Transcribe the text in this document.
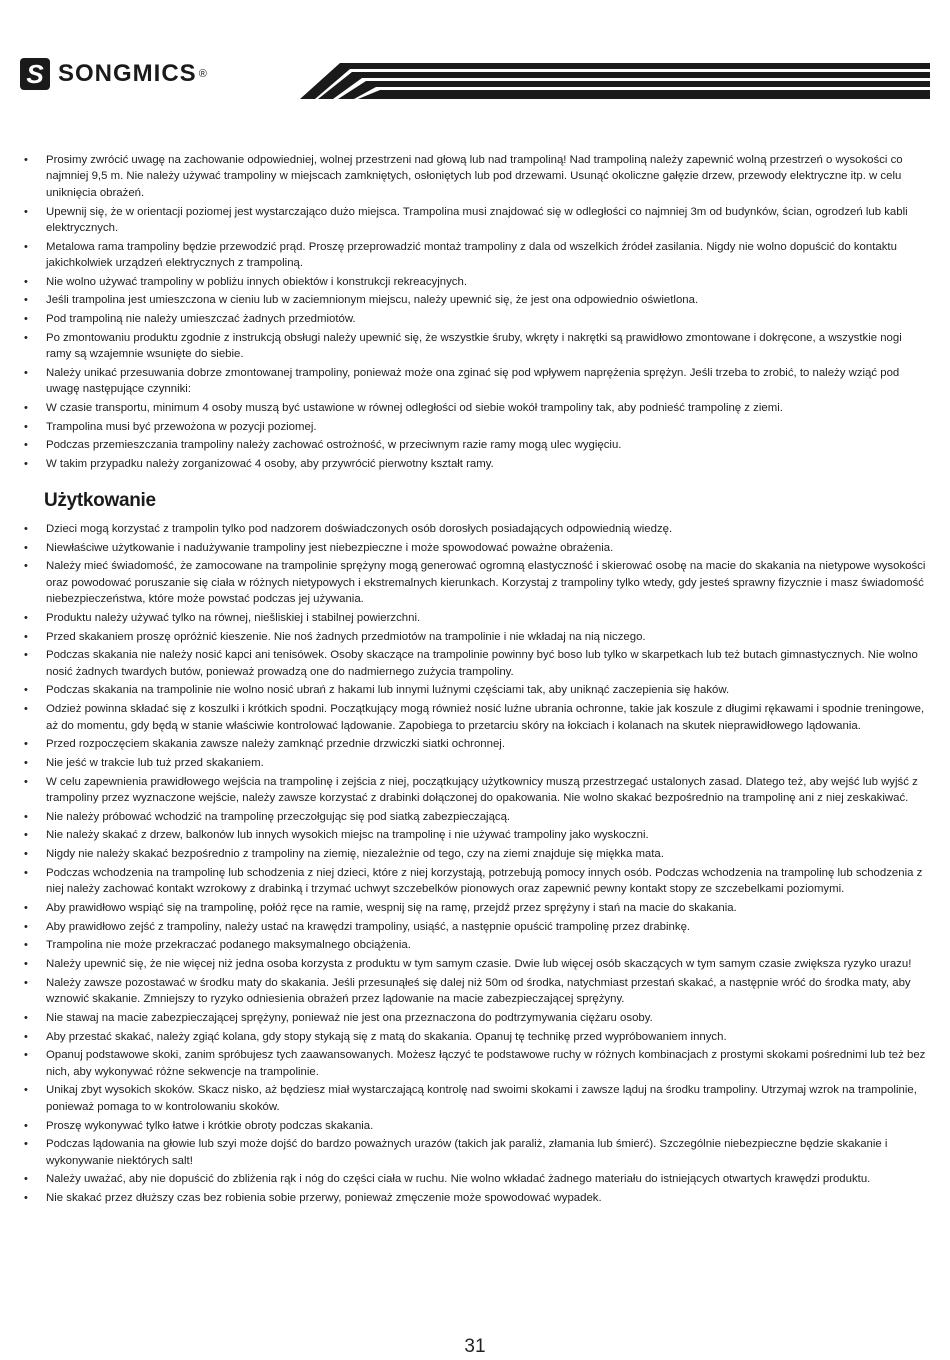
S SONGMICS ®
• Prosimy zwrócić uwagę na zachowanie odpowiedniej, wolnej przestrzeni nad głową lub nad trampoliną! Nad trampoliną należy zapewnić wolną przestrzeń o wysokości co najmniej 9,5 m. Nie należy używać trampoliny w miejscach zamkniętych, osłoniętych lub pod drzewami. Usunąć okoliczne gałęzie drzew, przewody elektryczne itp. w celu uniknięcia obrażeń.
• Upewnij się, że w orientacji poziomej jest wystarczająco dużo miejsca. Trampolina musi znajdować się w odległości co najmniej 3m od budynków, ścian, ogrodzeń lub kabli elektrycznych.
• Metalowa rama trampoliny będzie przewodzić prąd. Proszę przeprowadzić montaż trampoliny z dala od wszelkich źródeł zasilania. Nigdy nie wolno dopuścić do kontaktu jakichkolwiek urządzeń elektrycznych z trampoliną.
• Nie wolno używać trampoliny w pobliżu innych obiektów i konstrukcji rekreacyjnych.
• Jeśli trampolina jest umieszczona w cieniu lub w zaciemnionym miejscu, należy upewnić się, że jest ona odpowiednio oświetlona.
• Pod trampoliną nie należy umieszczać żadnych przedmiotów.
• Po zmontowaniu produktu zgodnie z instrukcją obsługi należy upewnić się, że wszystkie śruby, wkręty i nakrętki są prawidłowo zmontowane i dokręcone, a wszystkie nogi ramy są wzajemnie wsunięte do siebie.
• Należy unikać przesuwania dobrze zmontowanej trampoliny, ponieważ może ona zginać się pod wpływem naprężenia sprężyn. Jeśli trzeba to zrobić, to należy wziąć pod uwagę następujące czynniki:
• W czasie transportu, minimum 4 osoby muszą być ustawione w równej odległości od siebie wokół trampoliny tak, aby podnieść trampolinę z ziemi.
• Trampolina musi być przewożona w pozycji poziomej.
• Podczas przemieszczania trampoliny należy zachować ostrożność, w przeciwnym razie ramy mogą ulec wygięciu.
• W takim przypadku należy zorganizować 4 osoby, aby przywrócić pierwotny kształt ramy.
Użytkowanie
• Dzieci mogą korzystać z trampolin tylko pod nadzorem doświadczonych osób dorosłych posiadających odpowiednią wiedzę.
• Niewłaściwe użytkowanie i nadużywanie trampoliny jest niebezpieczne i może spowodować poważne obrażenia.
• Należy mieć świadomość, że zamocowane na trampolinie sprężyny mogą generować ogromną elastyczność i skierować osobę na macie do skakania na nietypowe wysokości oraz powodować poruszanie się ciała w różnych nietypowych i ekstremalnych kierunkach. Korzystaj z trampoliny tylko wtedy, gdy jesteś sprawny fizycznie i masz świadomość niebezpieczeństwa, które może powstać podczas jej używania.
• Produktu należy używać tylko na równej, niešliskiej i stabilnej powierzchni.
• Przed skakaniem proszę opróżnić kieszenie. Nie noś żadnych przedmiotów na trampolinie i nie wkładaj na nią niczego.
• Podczas skakania nie należy nosić kapci ani tenisówek. Osoby skaczące na trampolinie powinny być boso lub tylko w skarpetkach lub też butach gimnastycznych. Nie wolno nosić żadnych twardych butów, ponieważ prowadzą one do nadmiernego zużycia trampoliny.
• Podczas skakania na trampolinie nie wolno nosić ubrań z hakami lub innymi luźnymi częściami tak, aby uniknąć zaczepienia się haków.
• Odzież powinna składać się z koszulki i krótkich spodni. Początkujący mogą również nosić luźne ubrania ochronne, takie jak koszule z długimi rękawami i spodnie treningowe, aż do momentu, gdy będą w stanie właściwie kontrolować lądowanie. Zapobiega to przetarciu skóry na łokciach i kolanach na skutek nieprawidłowego lądowania.
• Przed rozpoczęciem skakania zawsze należy zamknąć przednie drzwiczki siatki ochronnej.
• Nie jeść w trakcie lub tuż przed skakaniem.
• W celu zapewnienia prawidłowego wejścia na trampolinę i zejścia z niej, początkujący użytkownicy muszą przestrzegać ustalonych zasad. Dlatego też, aby wejść lub wyjść z trampoliny przez wyznaczone wejście, należy zawsze korzystać z drabinki dołączonej do opakowania. Nie wolno skakać bezpośrednio na trampolinę ani z niej zeskakiwać.
• Nie należy próbować wchodzić na trampolinę przeczołgując się pod siatką zabezpieczającą.
• Nie należy skakać z drzew, balkonów lub innych wysokich miejsc na trampolinę i nie używać trampoliny jako wyskoczni.
• Nigdy nie należy skakać bezpośrednio z trampoliny na ziemię, niezależnie od tego, czy na ziemi znajduje się miękka mata.
• Podczas wchodzenia na trampolinę lub schodzenia z niej dzieci, które z niej korzystają, potrzebują pomocy innych osób. Podczas wchodzenia na trampolinę lub schodzenia z niej należy zachować kontakt wzrokowy z drabinką i trzymać uchwyt szczebelków pionowych oraz zapewnić pewny kontakt stopy ze szczebelkami poziomymi.
• Aby prawidłowo wspiąć się na trampolinę, połóż ręce na ramie, wespnij się na ramę, przejdź przez sprężyny i stań na macie do skakania.
• Aby prawidłowo zejść z trampoliny, należy ustać na krawędzi trampoliny, usiąść, a następnie opuścić trampolinę przez drabinkę.
• Trampolina nie może przekraczać podanego maksymalnego obciążenia.
• Należy upewnić się, że nie więcej niż jedna osoba korzysta z produktu w tym samym czasie. Dwie lub więcej osób skaczących w tym samym czasie zwiększa ryzyko urazu!
• Należy zawsze pozostawać w środku maty do skakania. Jeśli przesunąłeś się dalej niż 50m od środka, natychmiast przestań skakać, a następnie wróć do środka maty, aby wznowić skakanie. Zmniejszy to ryzyko odniesienia obrażeń przez lądowanie na macie zabezpieczającej sprężyny.
• Nie stawaj na macie zabezpieczającej sprężyny, ponieważ nie jest ona przeznaczona do podtrzymywania ciężaru osoby.
• Aby przestać skakać, należy zgiąć kolana, gdy stopy stykają się z matą do skakania. Opanuj tę technikę przed wypróbowaniem innych.
• Opanuj podstawowe skoki, zanim spróbujesz tych zaawansowanych. Możesz łączyć te podstawowe ruchy w różnych kombinacjach z prostymi skokami pośrednimi lub też bez nich, aby wykonywać różne sekwencje na trampolinie.
• Unikaj zbyt wysokich skoków. Skacz nisko, aż będziesz miał wystarczającą kontrolę nad swoimi skokami i zawsze ląduj na środku trampoliny. Utrzymaj wzrok na trampolinie, ponieważ pomaga to w kontrolowaniu skoków.
• Proszę wykonywać tylko łatwe i krótkie obroty podczas skakania.
• Podczas lądowania na głowie lub szyi może dojść do bardzo poważnych urazów (takich jak paraliż, złamania lub śmierć). Szczególnie niebezpieczne będzie skakanie i wykonywanie niektórych salt!
• Należy uważać, aby nie dopuścić do zbliżenia rąk i nóg do części ciała w ruchu. Nie wolno wkładać żadnego materiału do istniejących otwartych krawędzi produktu.
• Nie skakać przez dłuższy czas bez robienia sobie przerwy, ponieważ zmęczenie może spowodować wypadek.
31
